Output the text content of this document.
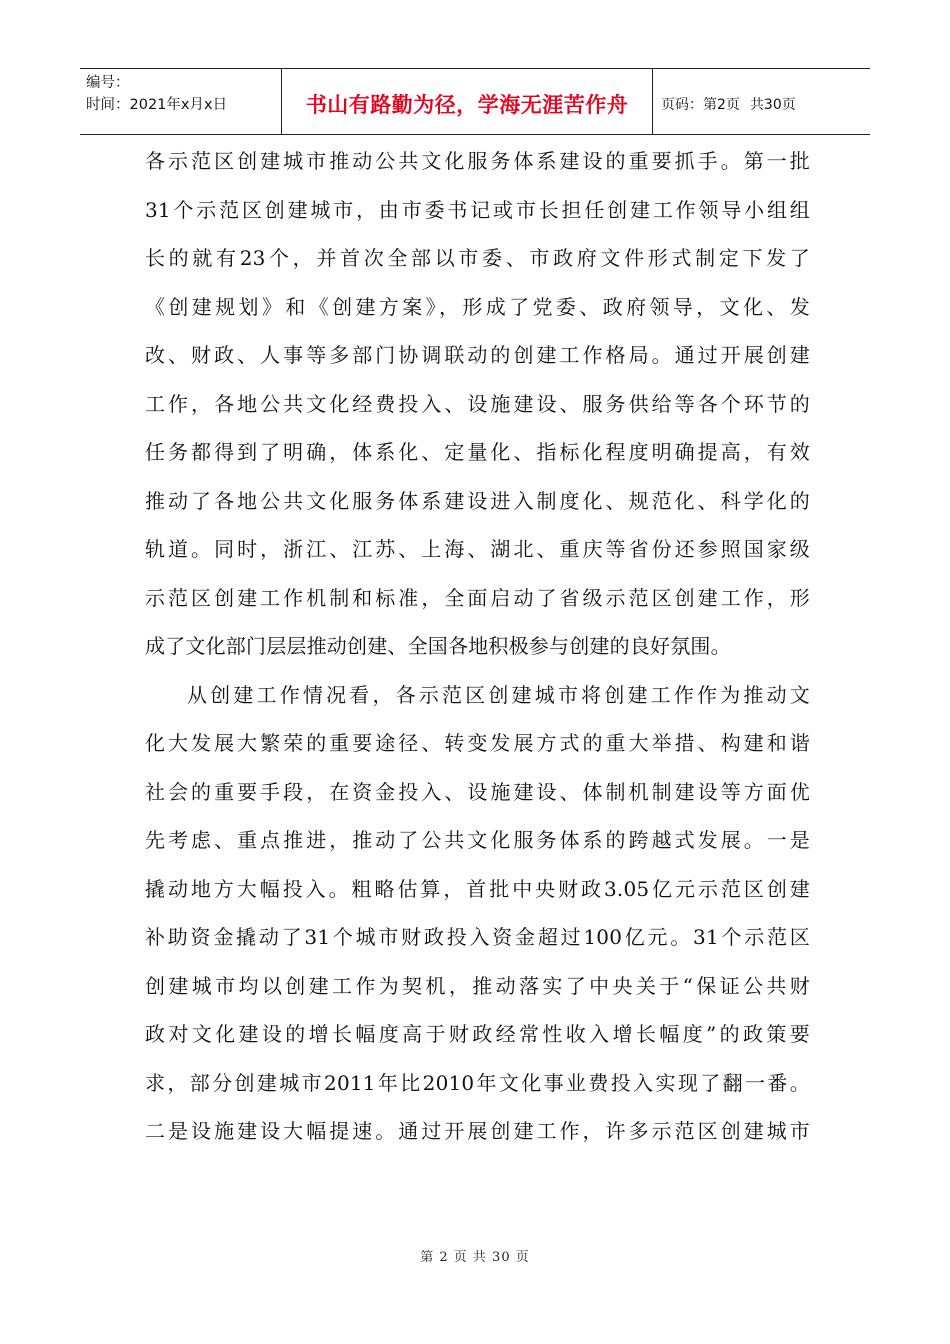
编号：
时间：2021年x月x日	书山有路勤为径，学海无涯苦作舟 页码：第2页 共30页
各示范区创建城市推动公共文化服务体系建设的重要抓手。第一批
31个示范区创建城市，由市委书记或市长担任创建工作领导小组组
长的就有23个，并首次全部以市委、市政府文件形式制定下发了
《创建规划》和《创建方案》，形成了党委、政府领导，文化、发
改、财政、人事等多部门协调联动的创建工作格局。通过开展创建
工作，各地公共文化经费投入、设施建设、服务供给等各个环节的
任务都得到了明确，体系化、定量化、指标化程度明确提高，有效
推动了各地公共文化服务体系建设进入制度化、规范化、科学化的
轨道。同时，浙江、江苏、上海、湖北、重庆等省份还参照国家级
示范区创建工作机制和标准，全面启动了省级示范区创建工作，形
成了文化部门层层推动创建、全国各地积极参与创建的良好氛围。
从创建工作情况看，各示范区创建城市将创建工作作为推动文
化大发展大繁荣的重要途径、转变发展方式的重大举措、构建和谐
社会的重要手段，在资金投入、设施建设、体制机制建设等方面优
先考虑、重点推进，推动了公共文化服务体系的跨越式发展。一是
撬动地方大幅投入。粗略估算，首批中央财政3.05亿元示范区创建
补助资金撬动了31个城市财政投入资金超过100亿元。31个示范区
创建城市均以创建工作为契机，推动落实了中央关于“保证公共财
政对文化建设的增长幅度高于财政经常性收入增长幅度”的政策要
求，部分创建城市2011年比2010年文化事业费投入实现了翻一番。
二是设施建设大幅提速。通过开展创建工作，许多示范区创建城市
第 2 页 共 30 页
